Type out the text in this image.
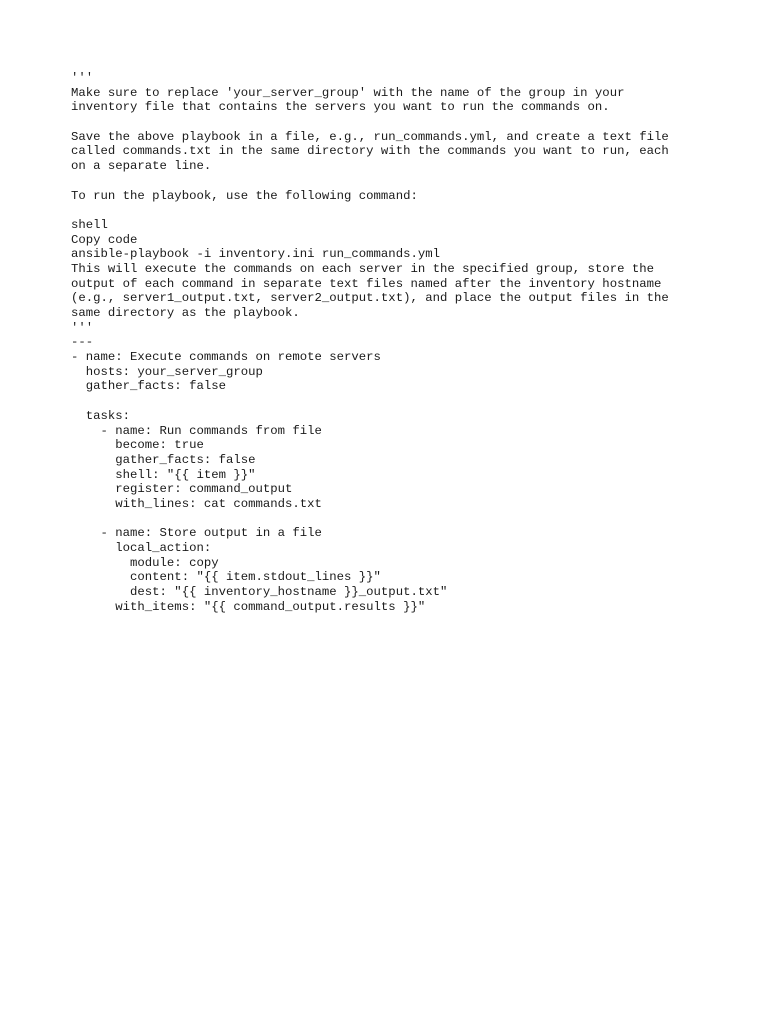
'''
Make sure to replace 'your_server_group' with the name of the group in your
inventory file that contains the servers you want to run the commands on.
Save the above playbook in a file, e.g., run_commands.yml, and create a text file
called commands.txt in the same directory with the commands you want to run, each
on a separate line.
To run the playbook, use the following command:
shell
Copy code
ansible-playbook -i inventory.ini run_commands.yml
This will execute the commands on each server in the specified group, store the
output of each command in separate text files named after the inventory hostname
(e.g., server1_output.txt, server2_output.txt), and place the output files in the
same directory as the playbook.
'''
---
- name: Execute commands on remote servers
hosts: your_server_group
gather_facts: false
tasks:
- name: Run commands from file
become: true
gather_facts: false
shell: "{{ item }}"
register: command_output
with_lines: cat commands.txt
- name: Store output in a file
local_action:
module: copy
content: "{{ item.stdout_lines }}"
dest: "{{ inventory_hostname }}_output.txt"
with_items: "{{ command_output.results }}"
